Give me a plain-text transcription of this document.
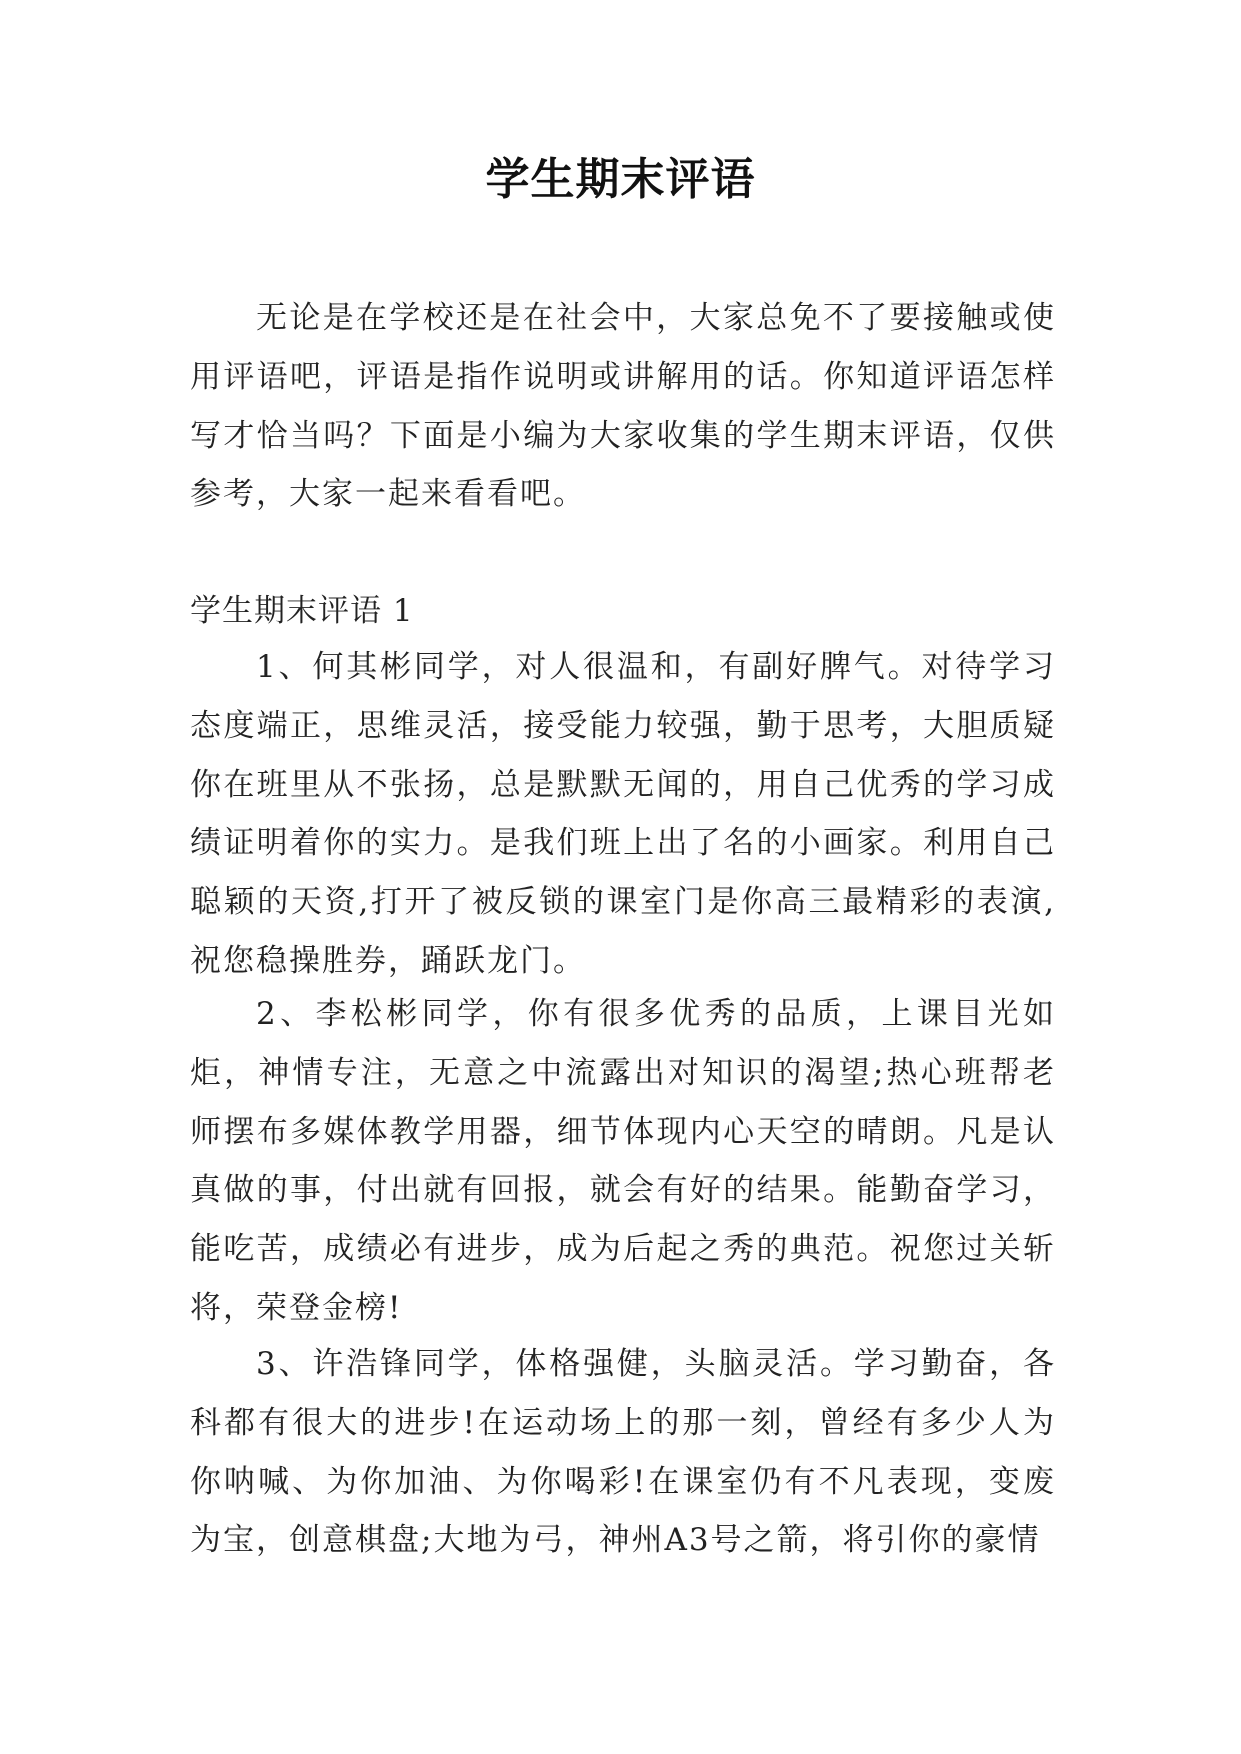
学生期末评语

无论是在学校还是在社会中，大家总免不了要接触或使用评语吧，评语是指作说明或讲解用的话。你知道评语怎样写才恰当吗？下面是小编为大家收集的学生期末评语，仅供参考，大家一起来看看吧。

学生期末评语 1

1、何其彬同学，对人很温和，有副好脾气。对待学习态度端正，思维灵活，接受能力较强，勤于思考，大胆质疑你在班里从不张扬，总是默默无闻的，用自己优秀的学习成绩证明着你的实力。是我们班上出了名的小画家。利用自己聪颖的天资,打开了被反锁的课室门是你高三最精彩的表演,祝您稳操胜券，踊跃龙门。

2、李松彬同学，你有很多优秀的品质，上课目光如炬，神情专注，无意之中流露出对知识的渴望;热心班帮老师摆布多媒体教学用器，细节体现内心天空的晴朗。凡是认真做的事，付出就有回报，就会有好的结果。能勤奋学习，能吃苦，成绩必有进步，成为后起之秀的典范。祝您过关斩将，荣登金榜!

3、许浩锋同学，体格强健，头脑灵活。学习勤奋，各科都有很大的进步!在运动场上的那一刻，曾经有多少人为你呐喊、为你加油、为你喝彩!在课室仍有不凡表现，变废为宝，创意棋盘;大地为弓，神州A3号之箭，将引你的豪情
